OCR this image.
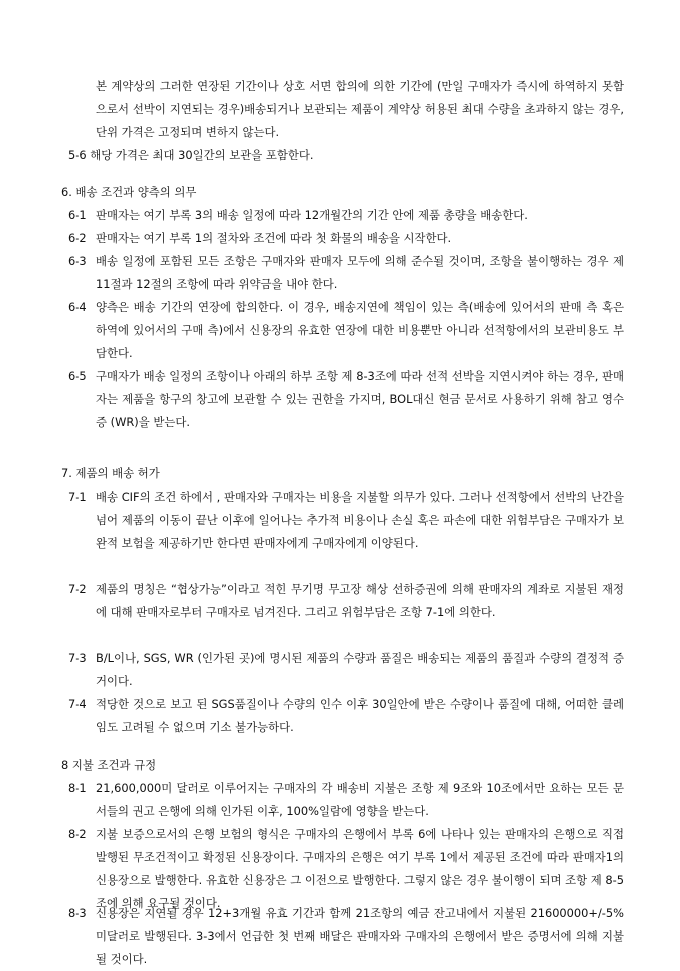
본 계약상의 그러한 연장된 기간이나 상호 서면 합의에 의한 기간에 (만일 구매자가 즉시에 하역하지 못함으로서 선박이 지연되는 경우)배송되거나 보관되는 제품이 계약상 허용된 최대 수량을 초과하지 않는 경우, 단위 가격은 고정되며 변하지 않는다.
5-6 해당 가격은 최대 30일간의 보관을 포함한다.
6. 배송 조건과 양측의 의무
6-1 판매자는 여기 부록 3의 배송 일정에 따라 12개월간의 기간 안에 제품 총량을 배송한다.
6-2 판매자는 여기 부록 1의 절차와 조건에 따라 첫 화물의 배송을 시작한다.
6-3 배송 일정에 포함된 모든 조항은 구매자와 판매자 모두에 의해 준수될 것이며, 조항을 불이행하는 경우 제 11절과 12절의 조항에 따라 위약금을 내야 한다.
6-4 양측은 배송 기간의 연장에 합의한다. 이 경우, 배송지연에 책임이 있는 측(배송에 있어서의 판매 측 혹은 하역에 있어서의 구매 측)에서 신용장의 유효한 연장에 대한 비용뿐만 아니라 선적항에서의 보관비용도 부담한다.
6-5 구매자가 배송 일정의 조항이나 아래의 하부 조항 제 8-3조에 따라 선적 선박을 지연시켜야 하는 경우, 판매자는 제품을 항구의 창고에 보관할 수 있는 권한을 가지며, BOL대신 현금 문서로 사용하기 위해 참고 영수증 (WR)을 받는다.
7. 제품의 배송 허가
7-1 배송 CIF의 조건 하에서 , 판매자와 구매자는 비용을 지불할 의무가 있다. 그러나 선적항에서 선박의 난간을 넘어 제품의 이동이 끝난 이후에 일어나는 추가적 비용이나 손실 혹은 파손에 대한 위험부담은 구매자가 보완적 보험을 제공하기만 한다면 판매자에게 구매자에게 이양된다.
7-2 제품의 명칭은 “협상가능”이라고 적힌 무기명 무고장 해상 선하증권에 의해 판매자의 계좌로 지불된 재정에 대해 판매자로부터 구매자로 넘겨진다. 그리고 위험부담은 조항 7-1에 의한다.
7-3 B/L이나, SGS, WR (인가된 곳)에 명시된 제품의 수량과 품질은 배송되는 제품의 품질과 수량의 결정적 증거이다.
7-4 적당한 것으로 보고 된 SGS품질이나 수량의 인수 이후 30일안에 받은 수량이나 품질에 대해, 어떠한 클레임도 고려될 수 없으며 기소 불가능하다.
8 지불 조건과 규정
8-1 21,600,000미 달러로 이루어지는 구매자의 각 배송비 지불은 조항 제 9조와 10조에서만 요하는 모든 문서들의 권고 은행에 의해 인가된 이후, 100%일람에 영향을 받는다.
8-2 지불 보증으로서의 은행 보험의 형식은 구매자의 은행에서 부록 6에 나타나 있는 판매자의 은행으로 직접 발행된 무조건적이고 확정된 신용장이다. 구매자의 은행은 여기 부록 1에서 제공된 조건에 따라 판매자1의 신용장으로 발행한다. 유효한 신용장은 그 이전으로 발행한다. 그렇지 않은 경우 불이행이 되며 조항 제 8-5조에 의해 요구될 것이다.
8-3 신용장은 지연될 경우 12+3개월 유효 기간과 함께 21조항의 예금 잔고내에서 지불된 21600000+/-5%미달러로 발행된다. 3-3에서 언급한 첫 번째 배달은 판매자와 구매자의 은행에서 받은 증명서에 의해 지불될 것이다.
